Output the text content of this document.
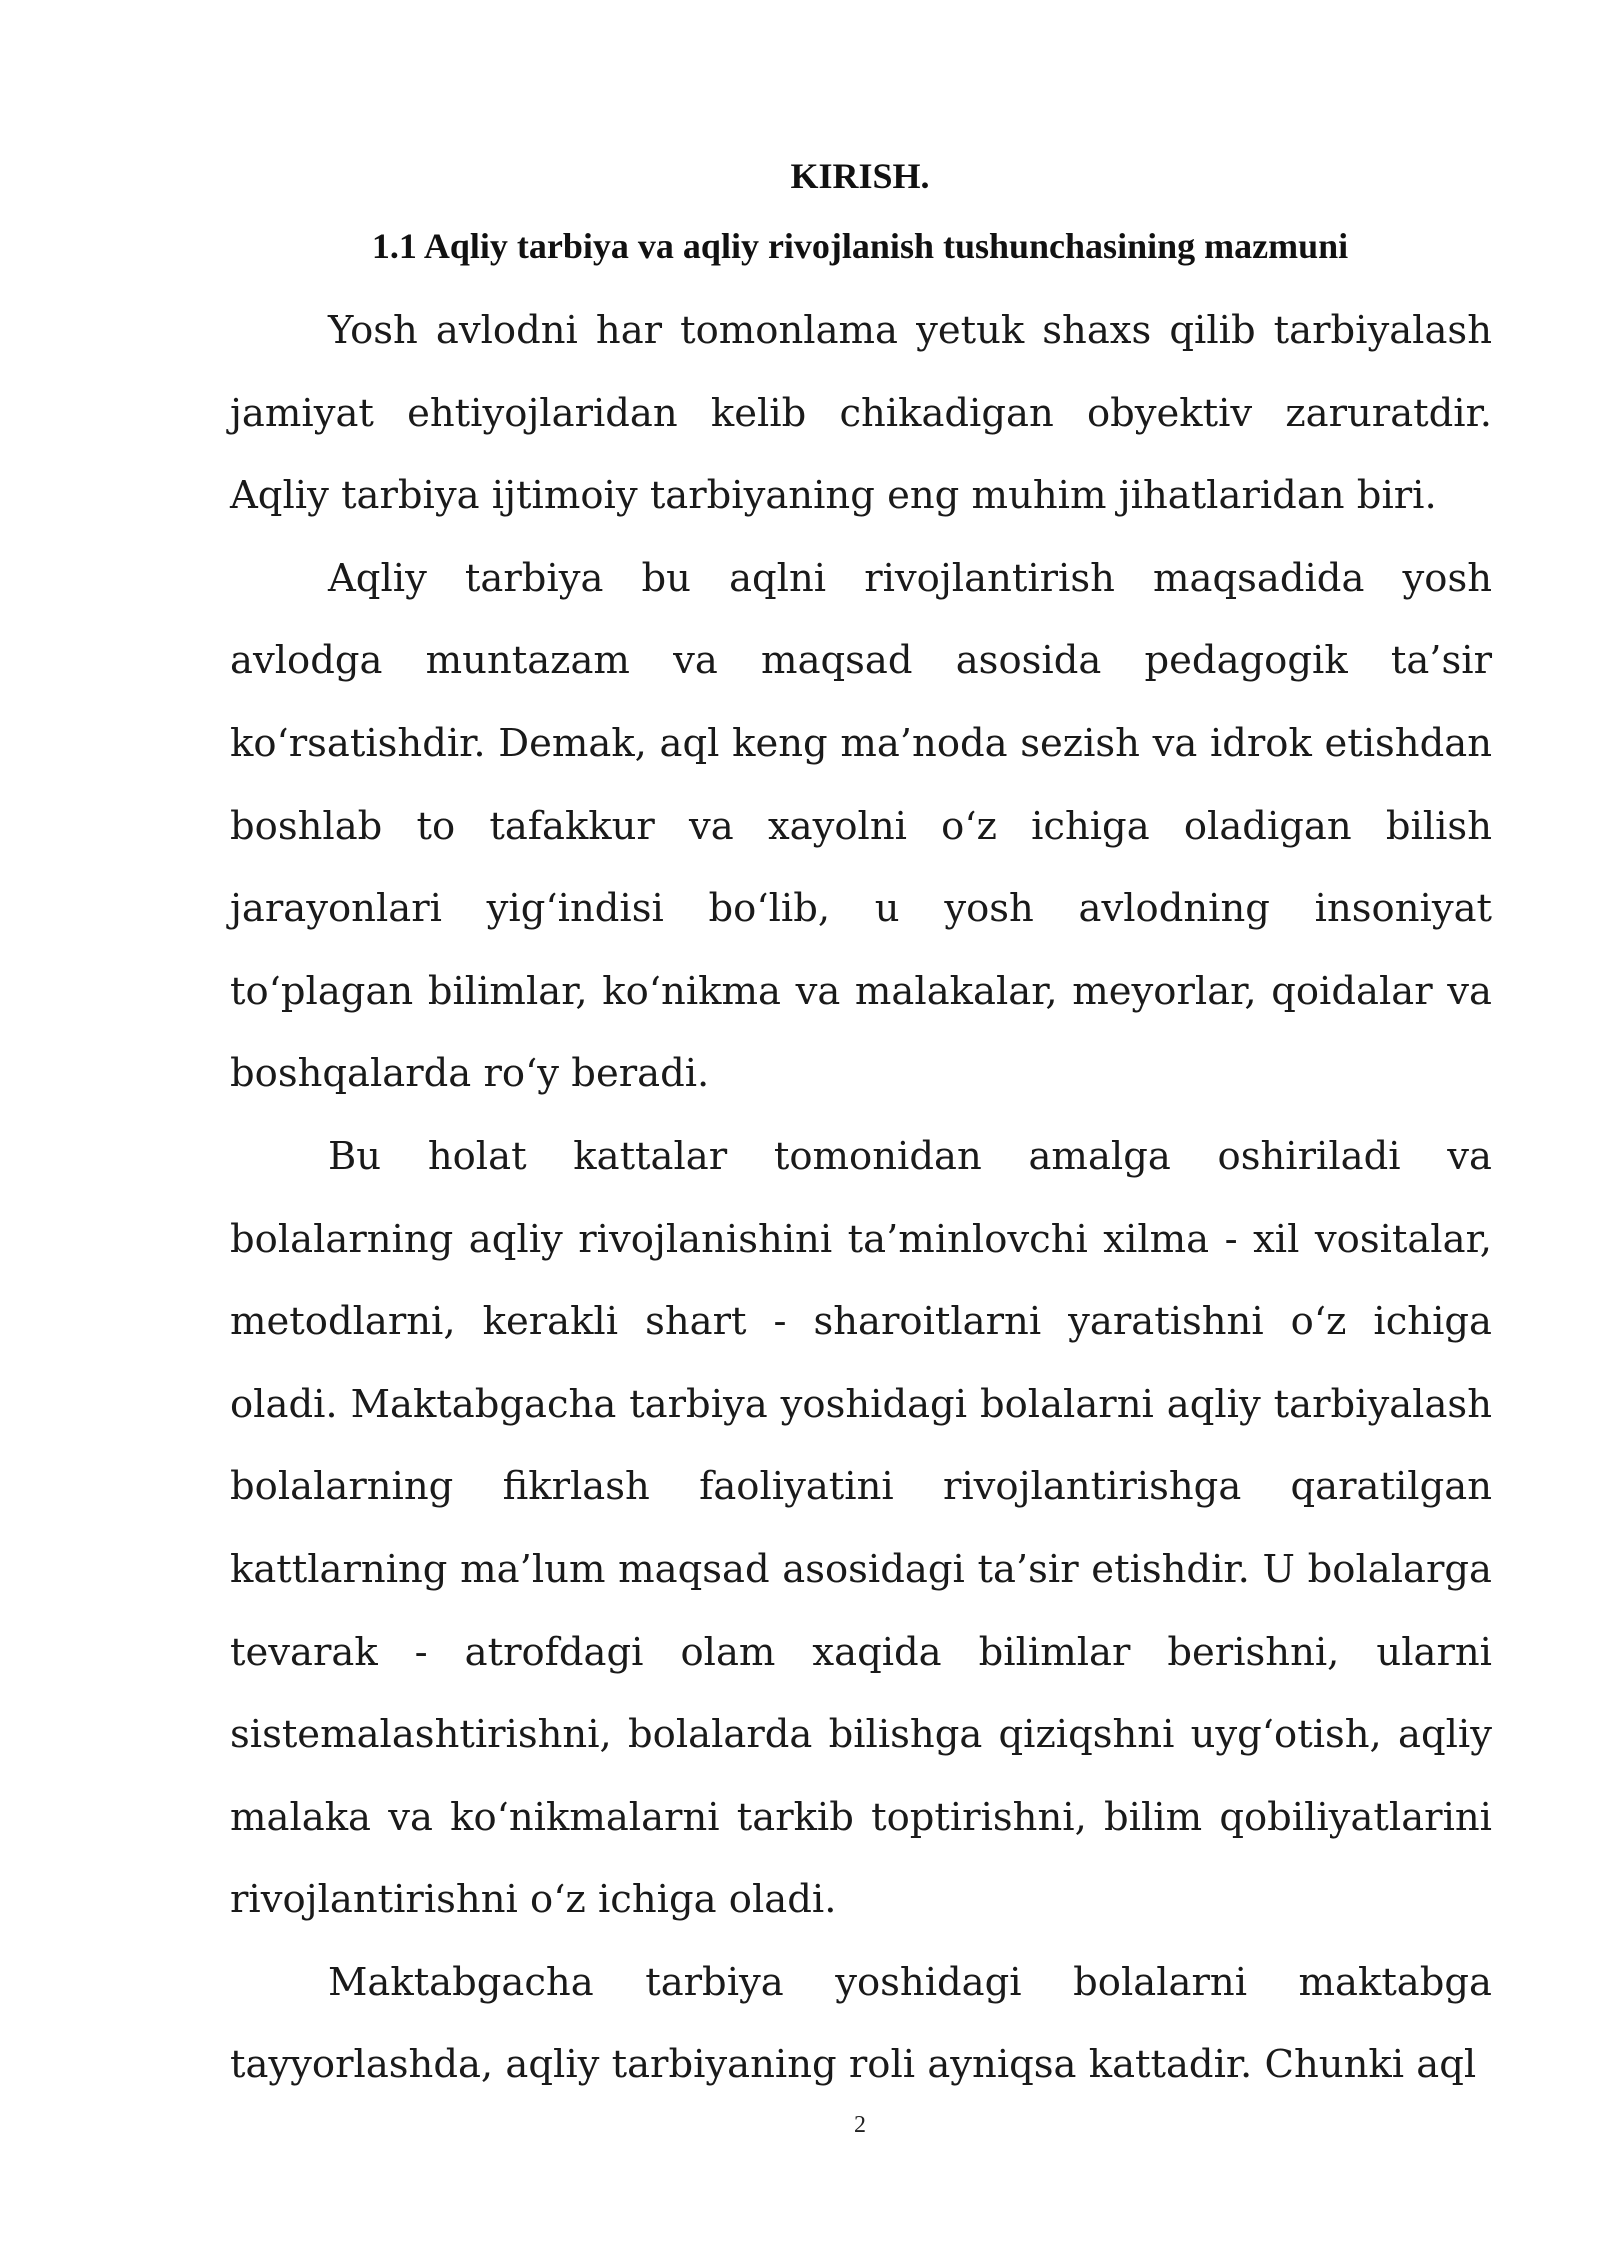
KIRISH.
1.1 Aqliy tarbiya va aqliy rivojlanish tushunchasining mazmuni

Yosh avlodni har tomonlama yetuk shaxs qilib tarbiyalash jamiyat ehtiyojlaridan kelib chikadigan obyektiv zaruratdir. Aqliy tarbiya ijtimoiy tarbiyaning eng muhim jihatlaridan biri.

Aqliy tarbiya bu aqlni rivojlantirish maqsadida yosh avlodga muntazam va maqsad asosida pedagogik ta’sir ko‘rsatishdir. Demak, aql keng ma’noda sezish va idrok etishdan boshlab to tafakkur va xayolni o‘z ichiga oladigan bilish jarayonlari yig‘indisi bo‘lib, u yosh avlodning insoniyat to‘plagan bilimlar, ko‘nikma va malakalar, meyorlar, qoidalar va boshqalarda ro‘y beradi.

Bu holat kattalar tomonidan amalga oshiriladi va bolalarning aqliy rivojlanishini ta’minlovchi xilma - xil vositalar, metodlarni, kerakli shart - sharoitlarni yaratishni o‘z ichiga oladi. Maktabgacha tarbiya yoshidagi bolalarni aqliy tarbiyalash bolalarning fikrlash faoliyatini rivojlantirishga qaratilgan kattlarning ma’lum maqsad asosidagi ta’sir etishdir. U bolalarga tevarak - atrofdagi olam xaqida bilimlar berishni, ularni sistemalashtirishni, bolalarda bilishga qiziqshni uyg‘otish, aqliy malaka va ko‘nikmalarni tarkib toptirishni, bilim qobiliyatlarini rivojlantirishni o‘z ichiga oladi.

Maktabgacha tarbiya yoshidagi bolalarni maktabga tayyorlashda, aqliy tarbiyaning roli ayniqsa kattadir. Chunki aql

2
